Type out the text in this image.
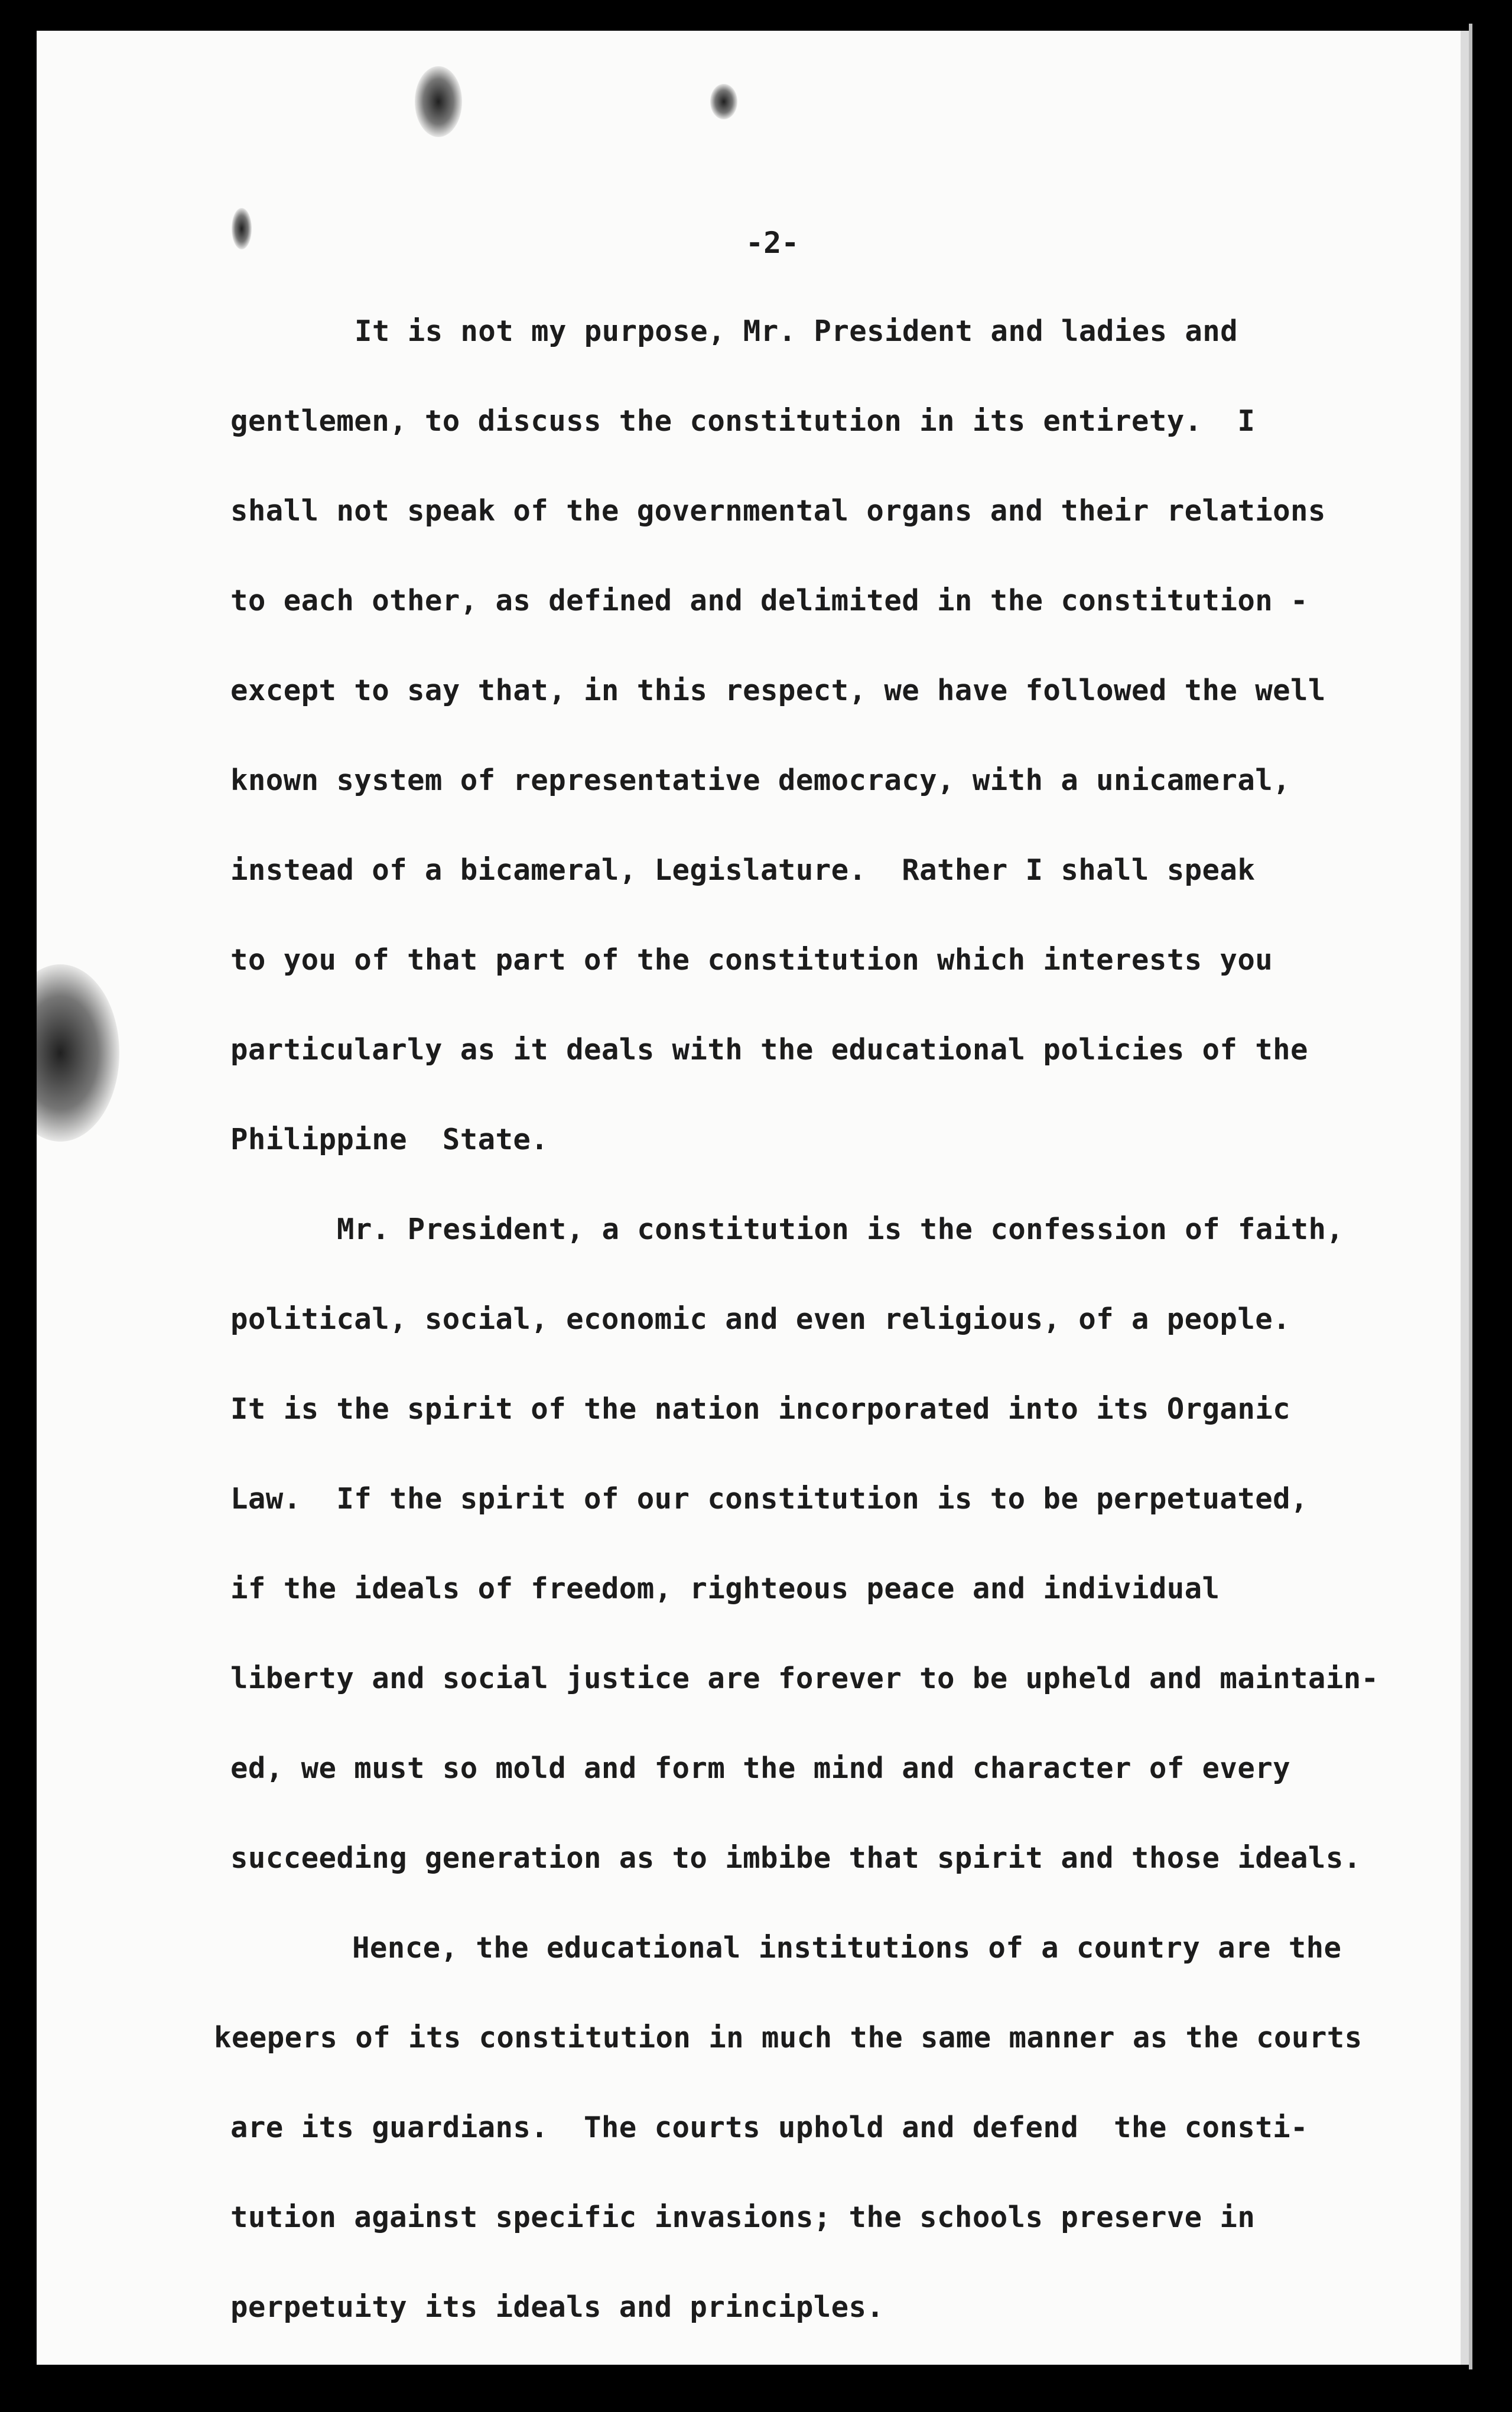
-2-
It is not my purpose, Mr. President and ladies and
gentlemen, to discuss the constitution in its entirety.  I
shall not speak of the governmental organs and their relations
to each other, as defined and delimited in the constitution -
except to say that, in this respect, we have followed the well
known system of representative democracy, with a unicameral,
instead of a bicameral, Legislature.  Rather I shall speak
to you of that part of the constitution which interests you
particularly as it deals with the educational policies of the
Philippine  State.
Mr. President, a constitution is the confession of faith,
political, social, economic and even religious, of a people.
It is the spirit of the nation incorporated into its Organic
Law.  If the spirit of our constitution is to be perpetuated,
if the ideals of freedom, righteous peace and individual
liberty and social justice are forever to be upheld and maintain-
ed, we must so mold and form the mind and character of every
succeeding generation as to imbibe that spirit and those ideals.
Hence, the educational institutions of a country are the
keepers of its constitution in much the same manner as the courts
are its guardians.  The courts uphold and defend  the consti-
tution against specific invasions; the schools preserve in
perpetuity its ideals and principles.
